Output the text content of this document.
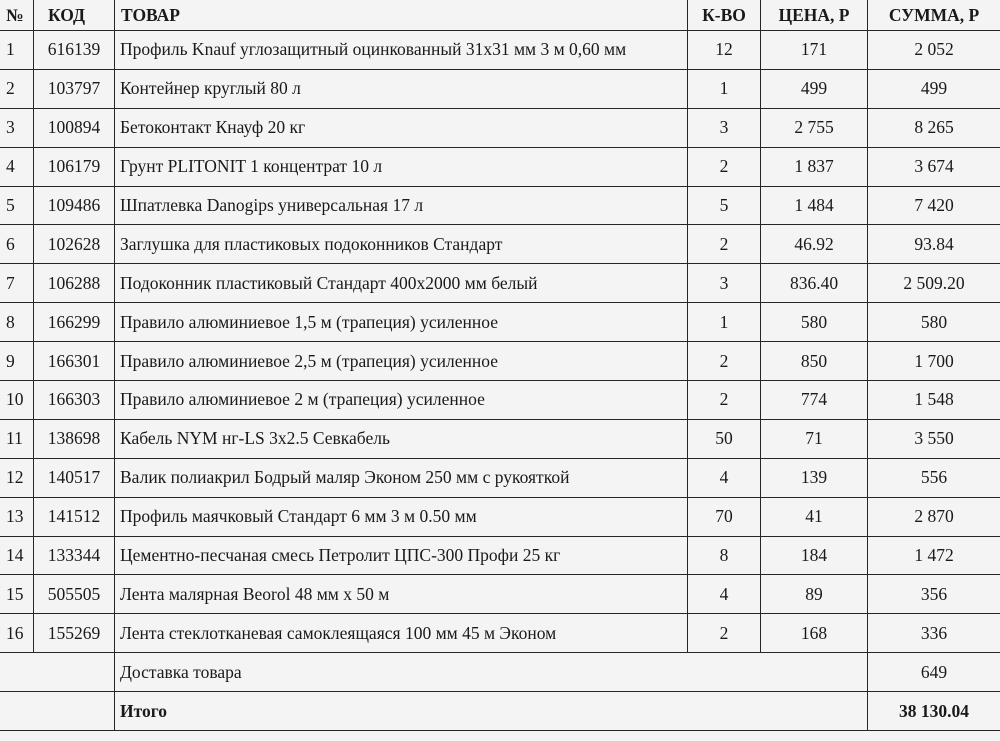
№	КОД	ТОВАР	К-ВО	ЦЕНА, Р	СУММА, Р
1	616139	Профиль Knauf углозащитный оцинкованный 31x31 мм 3 м 0,60 мм	12	171	2 052
2	103797	Контейнер круглый 80 л	1	499	499
3	100894	Бетоконтакт Кнауф 20 кг	3	2 755	8 265
4	106179	Грунт PLITONIT 1 концентрат 10 л	2	1 837	3 674
5	109486	Шпатлевка Danogips универсальная 17 л	5	1 484	7 420
6	102628	Заглушка для пластиковых подоконников Стандарт	2	46.92	93.84
7	106288	Подоконник пластиковый Стандарт 400x2000 мм белый	3	836.40	2 509.20
8	166299	Правило алюминиевое 1,5 м (трапеция) усиленное	1	580	580
9	166301	Правило алюминиевое 2,5 м (трапеция) усиленное	2	850	1 700
10	166303	Правило алюминиевое 2 м (трапеция) усиленное	2	774	1 548
11	138698	Кабель NYM нг-LS 3x2.5 Севкабель	50	71	3 550
12	140517	Валик полиакрил Бодрый маляр Эконом 250 мм с рукояткой	4	139	556
13	141512	Профиль маячковый Стандарт 6 мм 3 м 0.50 мм	70	41	2 870
14	133344	Цементно-песчаная смесь Петролит ЦПС-300 Профи 25 кг	8	184	1 472
15	505505	Лента малярная Beorol 48 мм х 50 м	4	89	356
16	155269	Лента стеклотканевая самоклеящаяся 100 мм 45 м Эконом	2	168	336
		Доставка товара			649
		Итого			38 130.04
